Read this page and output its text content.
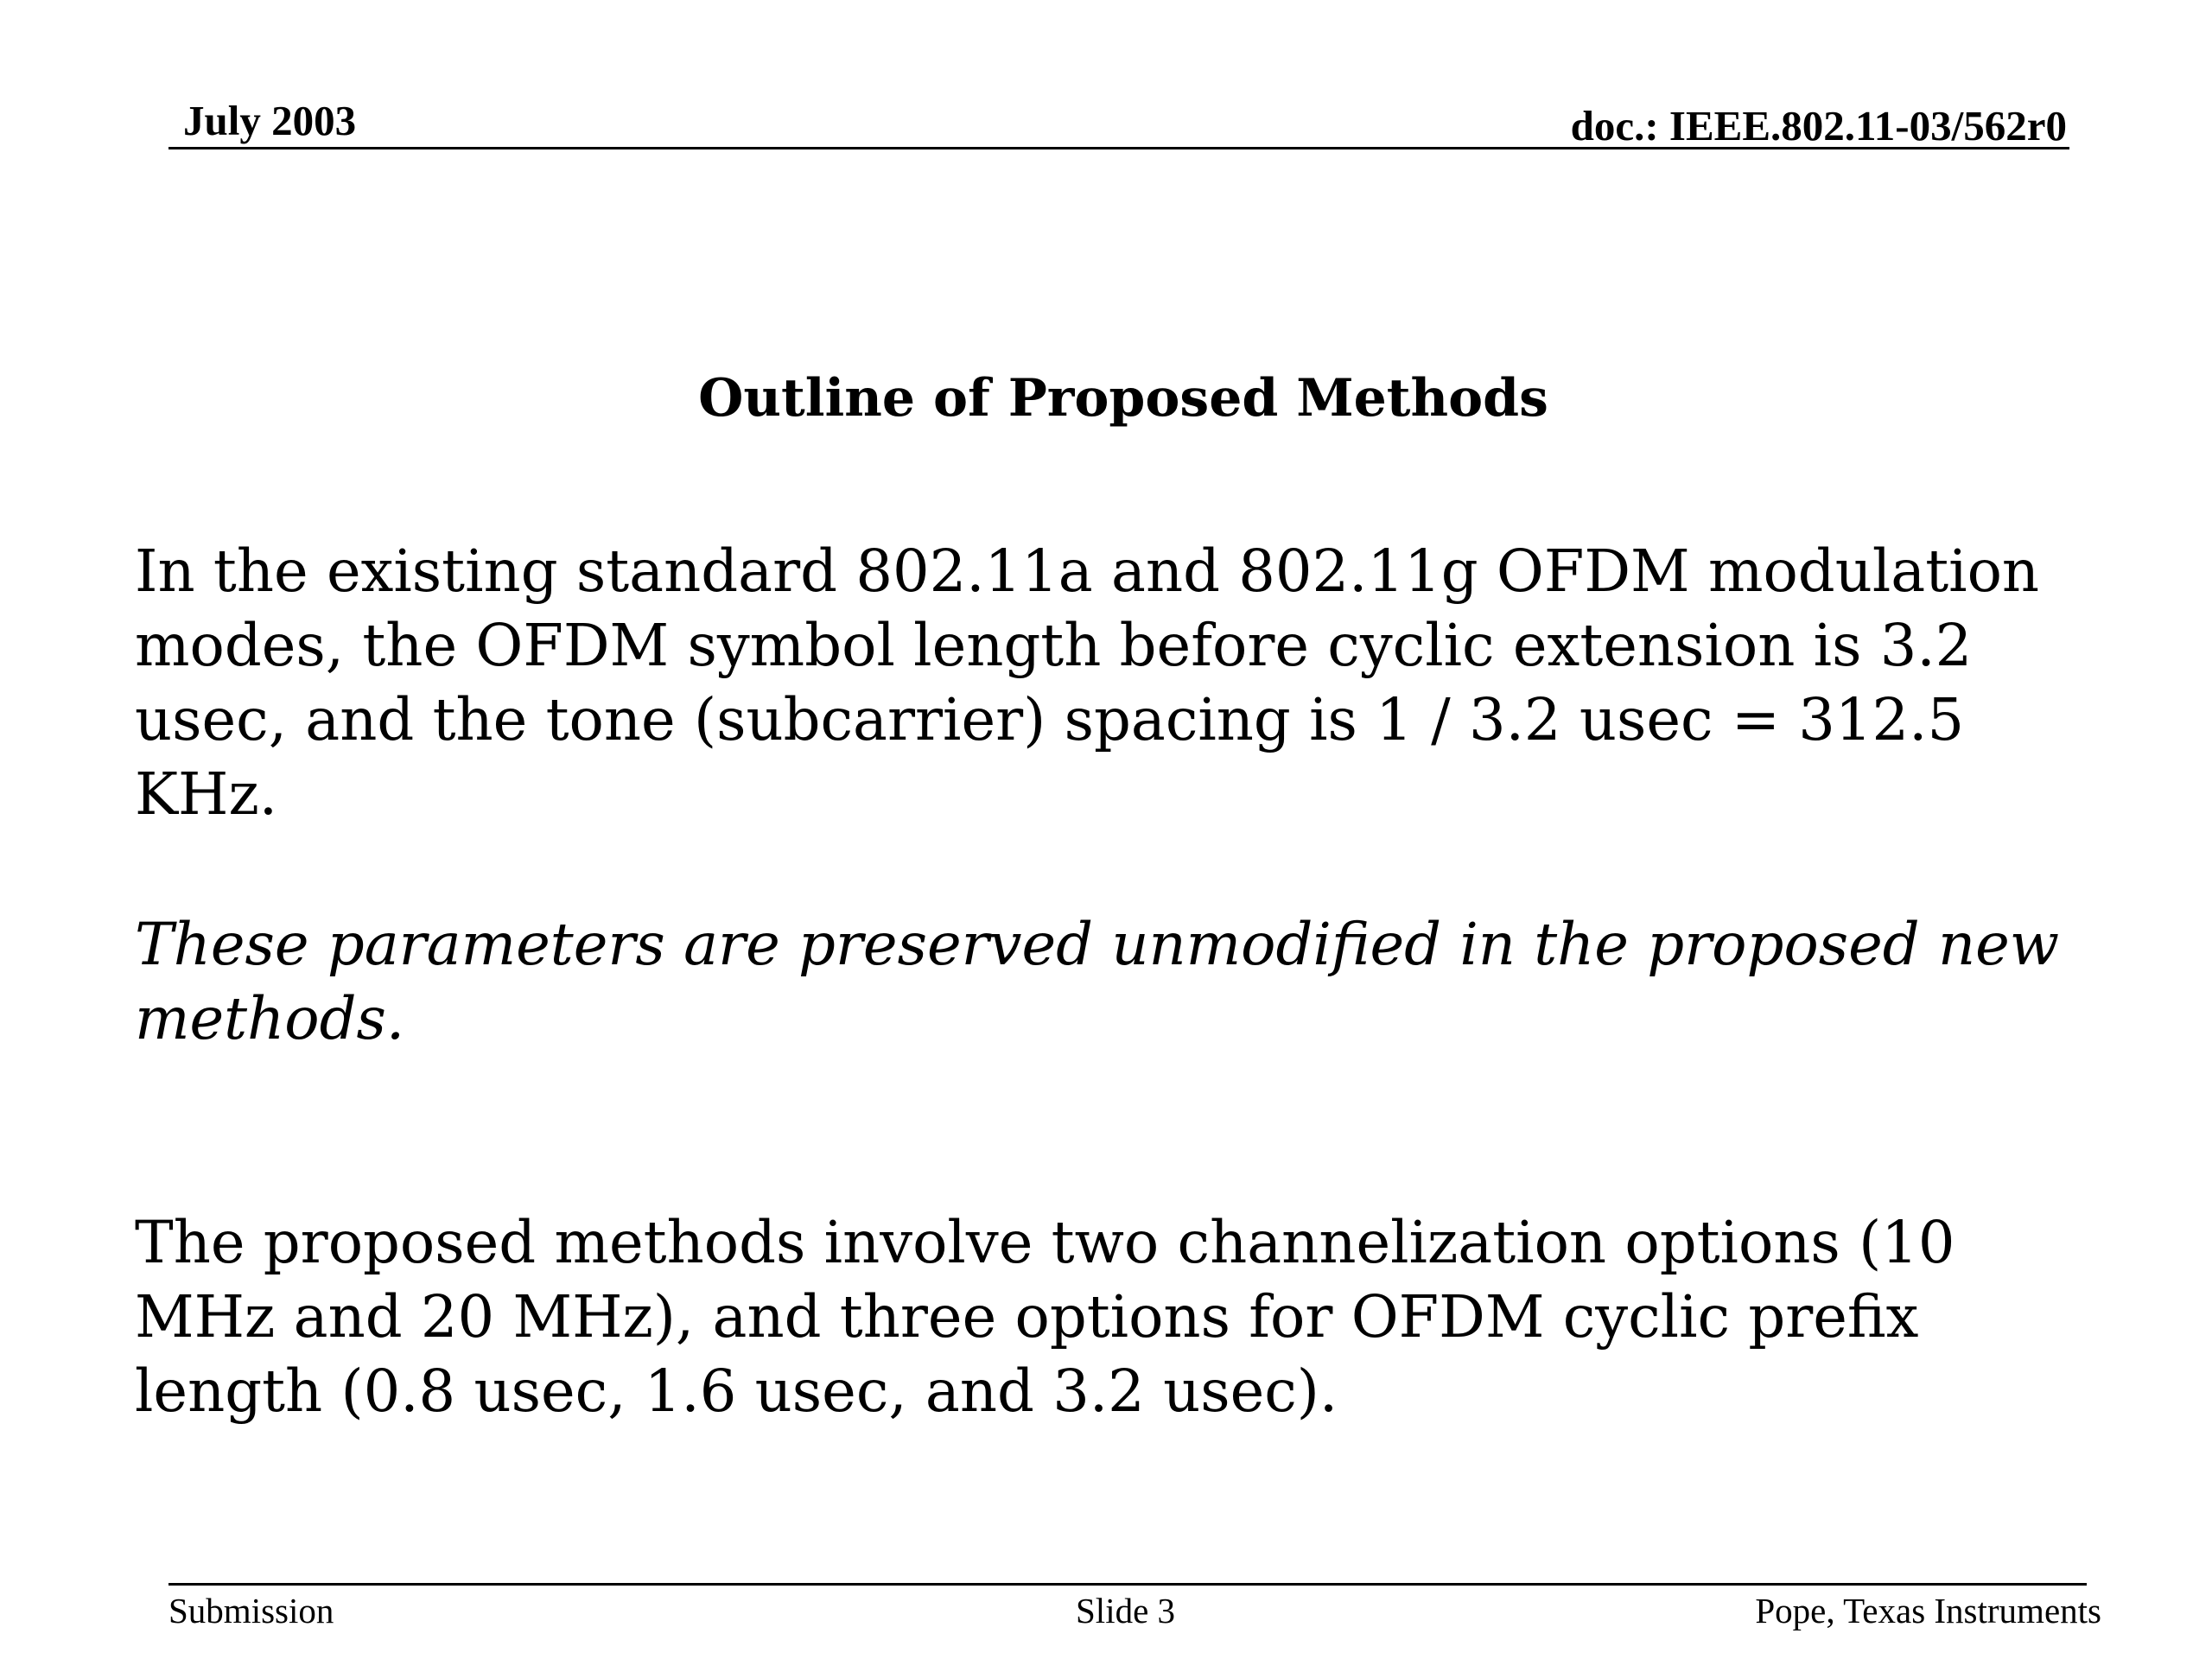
July 2003	doc.: IEEE.802.11-03/562r0
Outline of Proposed Methods
In the existing standard 802.11a and 802.11g OFDM modulation
modes, the OFDM symbol length before cyclic extension is 3.2
usec, and the tone (subcarrier) spacing is 1 / 3.2 usec = 312.5
KHz.
These parameters are preserved unmodified in the proposed new
methods.
The proposed methods involve two channelization options (10
MHz and 20 MHz), and three options for OFDM cyclic prefix
length (0.8 usec, 1.6 usec, and 3.2 usec).
Submission	Slide 3	Pope, Texas Instruments
